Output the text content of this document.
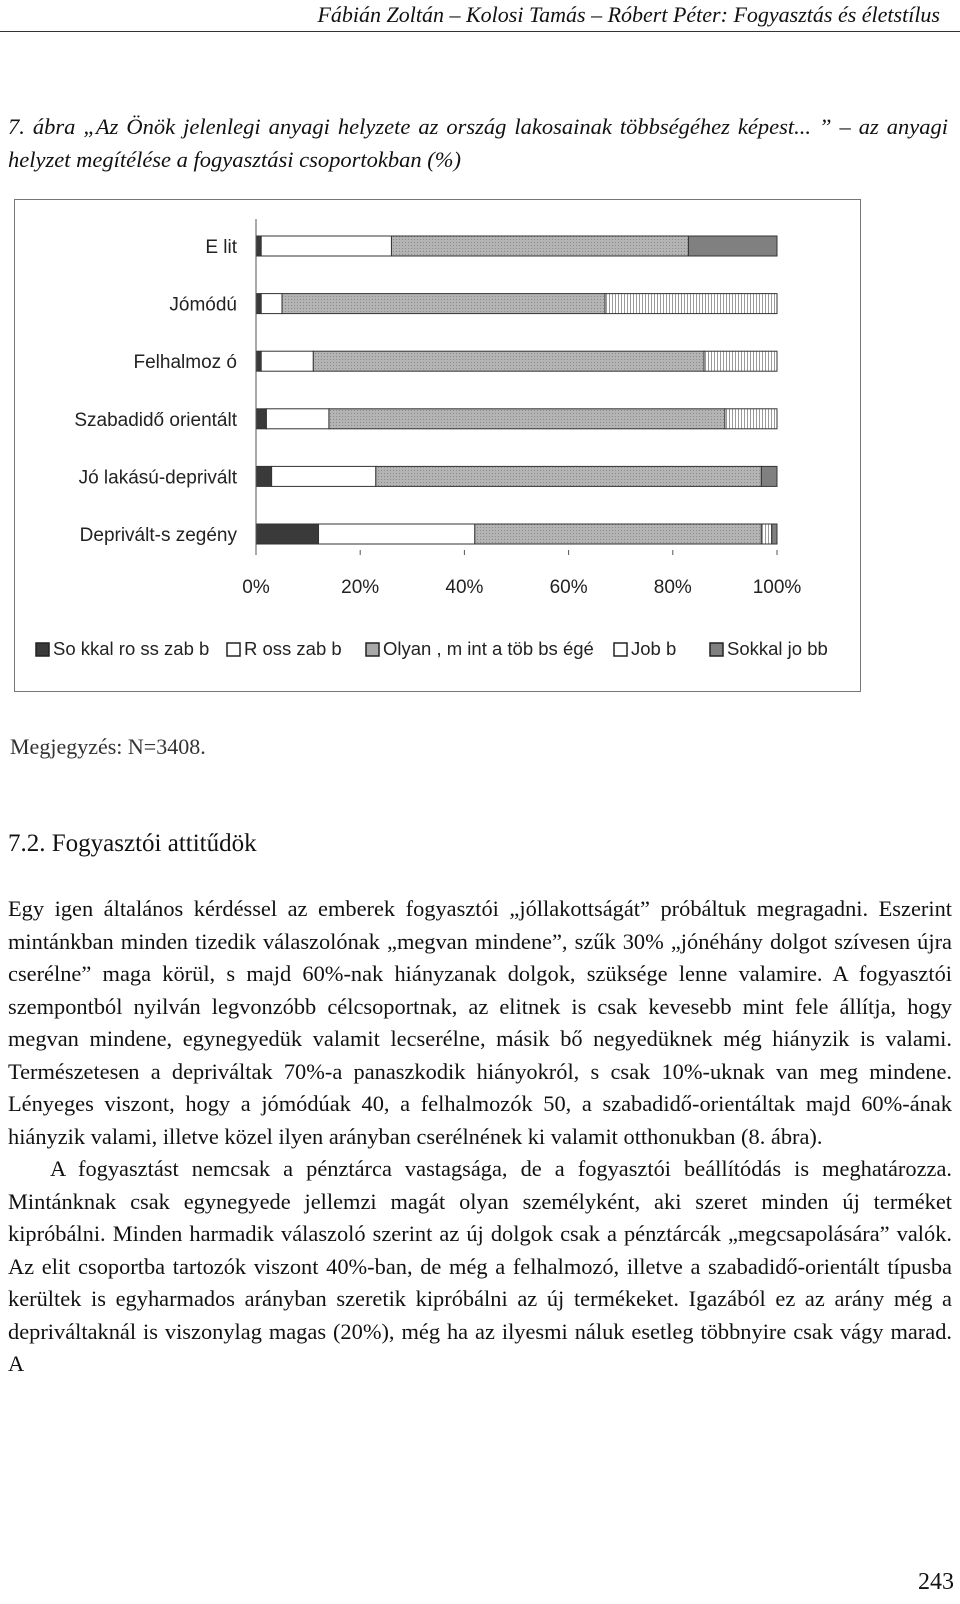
Fábián Zoltán – Kolosi Tamás – Róbert Péter: Fogyasztás és életstílus
7. ábra „Az Önök jelenlegi anyagi helyzete az ország lakosainak többségéhez képest... ” – az anyagi helyzet megítélése a fogyasztási csoportokban (%)
E lit
Jómódú
Felhalmoz ó
Szabadidő orientált
Jó lakású-deprivált
Deprivált-s zegény
0%	20%	40%	60%	80%	100%
So kkal ro ss zab b R oss zab b Olyan , m int a töb bs égé Job b	Sokkal jo bb
Megjegyzés: N=3408.
7.2. Fogyasztói attitűdök

Egy igen általános kérdéssel az emberek fogyasztói „jóllakottságát” próbáltuk megragadni. Eszerint mintánkban minden tizedik válaszolónak „megvan mindene”, szűk 30% „jónéhány dolgot szívesen újra cserélne” maga körül, s majd 60%-nak hiányzanak dolgok, szüksége lenne valamire. A fogyasztói szempontból nyilván legvonzóbb célcsoportnak, az elitnek is csak kevesebb mint fele állítja, hogy megvan mindene, egynegyedük valamit lecserélne, másik bő negyedüknek még hiányzik is valami. Természetesen a depriváltak 70%-a panaszkodik hiányokról, s csak 10%-uknak van meg mindene. Lényeges viszont, hogy a jómódúak 40, a felhalmozók 50, a szabadidő-orientáltak majd 60%-ának hiányzik valami, illetve közel ilyen arányban cserélnének ki valamit otthonukban (8. ábra).

A fogyasztást nemcsak a pénztárca vastagsága, de a fogyasztói beállítódás is meghatározza. Mintánknak csak egynegyede jellemzi magát olyan személyként, aki szeret minden új terméket kipróbálni. Minden harmadik válaszoló szerint az új dolgok csak a pénztárcák „megcsapolására” valók. Az elit csoportba tartozók viszont 40%-ban, de még a felhalmozó, illetve a szabadidő-orientált típusba kerültek is egyharmados arányban szeretik kipróbálni az új termékeket. Igazából ez az arány még a depriváltaknál is viszonylag magas (20%), még ha az ilyesmi náluk esetleg többnyire csak vágy marad. A

243
